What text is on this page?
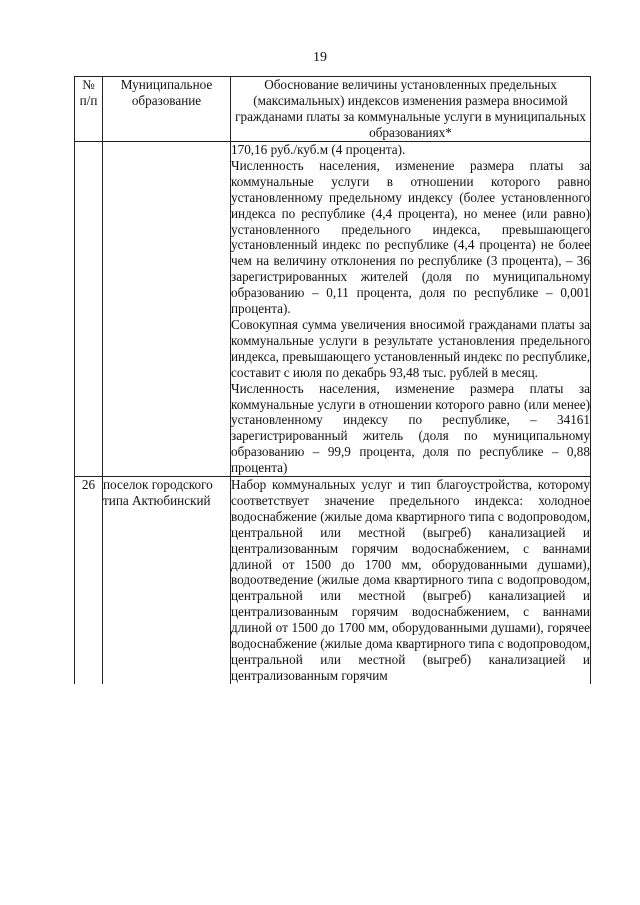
19
№
п/п	Муниципальное образование	Обоснование величины установленных предельных (максимальных) индексов изменения размера вносимой гражданами платы за коммунальные услуги в муниципальных образованиях*

		170,16 руб./куб.м (4 процента).

Численность населения, изменение размера платы за коммунальные услуги в отношении которого равно установленному предельному индексу (более установленного индекса по республике (4,4 процента), но менее (или равно) установленного предельного индекса, превышающего установленный индекс по республике (4,4 процента) не более чем на величину отклонения по республике (3 процента), – 36 зарегистрированных жителей (доля по муниципальному образованию – 0,11 процента, доля по республике – 0,001 процента).

Совокупная сумма увеличения вносимой гражданами платы за коммунальные услуги в результате установления предельного индекса, превышающего установленный индекс по республике, составит с июля по декабрь 93,48 тыс. рублей в месяц.

Численность населения, изменение размера платы за коммунальные услуги в отношении которого равно (или менее) установленному индексу по республике, – 34161 зарегистрированный житель (доля по муниципальному образованию – 99,9 процента, доля по республике – 0,88 процента)

26	поселок городского типа Актюбинский	Набор коммунальных услуг и тип благоустройства, которому соответствует значение предельного индекса: холодное водоснабжение (жилые дома квартирного типа с водопроводом, центральной или местной (выгреб) канализацией и централизованным горячим водоснабжением, с ваннами длиной от 1500 до 1700 мм, оборудованными душами), водоотведение (жилые дома квартирного типа с водопроводом, центральной или местной (выгреб) канализацией и централизованным горячим водоснабжением, с ваннами длиной от 1500 до 1700 мм, оборудованными душами), горячее водоснабжение (жилые дома квартирного типа с водопроводом, центральной или местной (выгреб) канализацией и централизованным горячим
